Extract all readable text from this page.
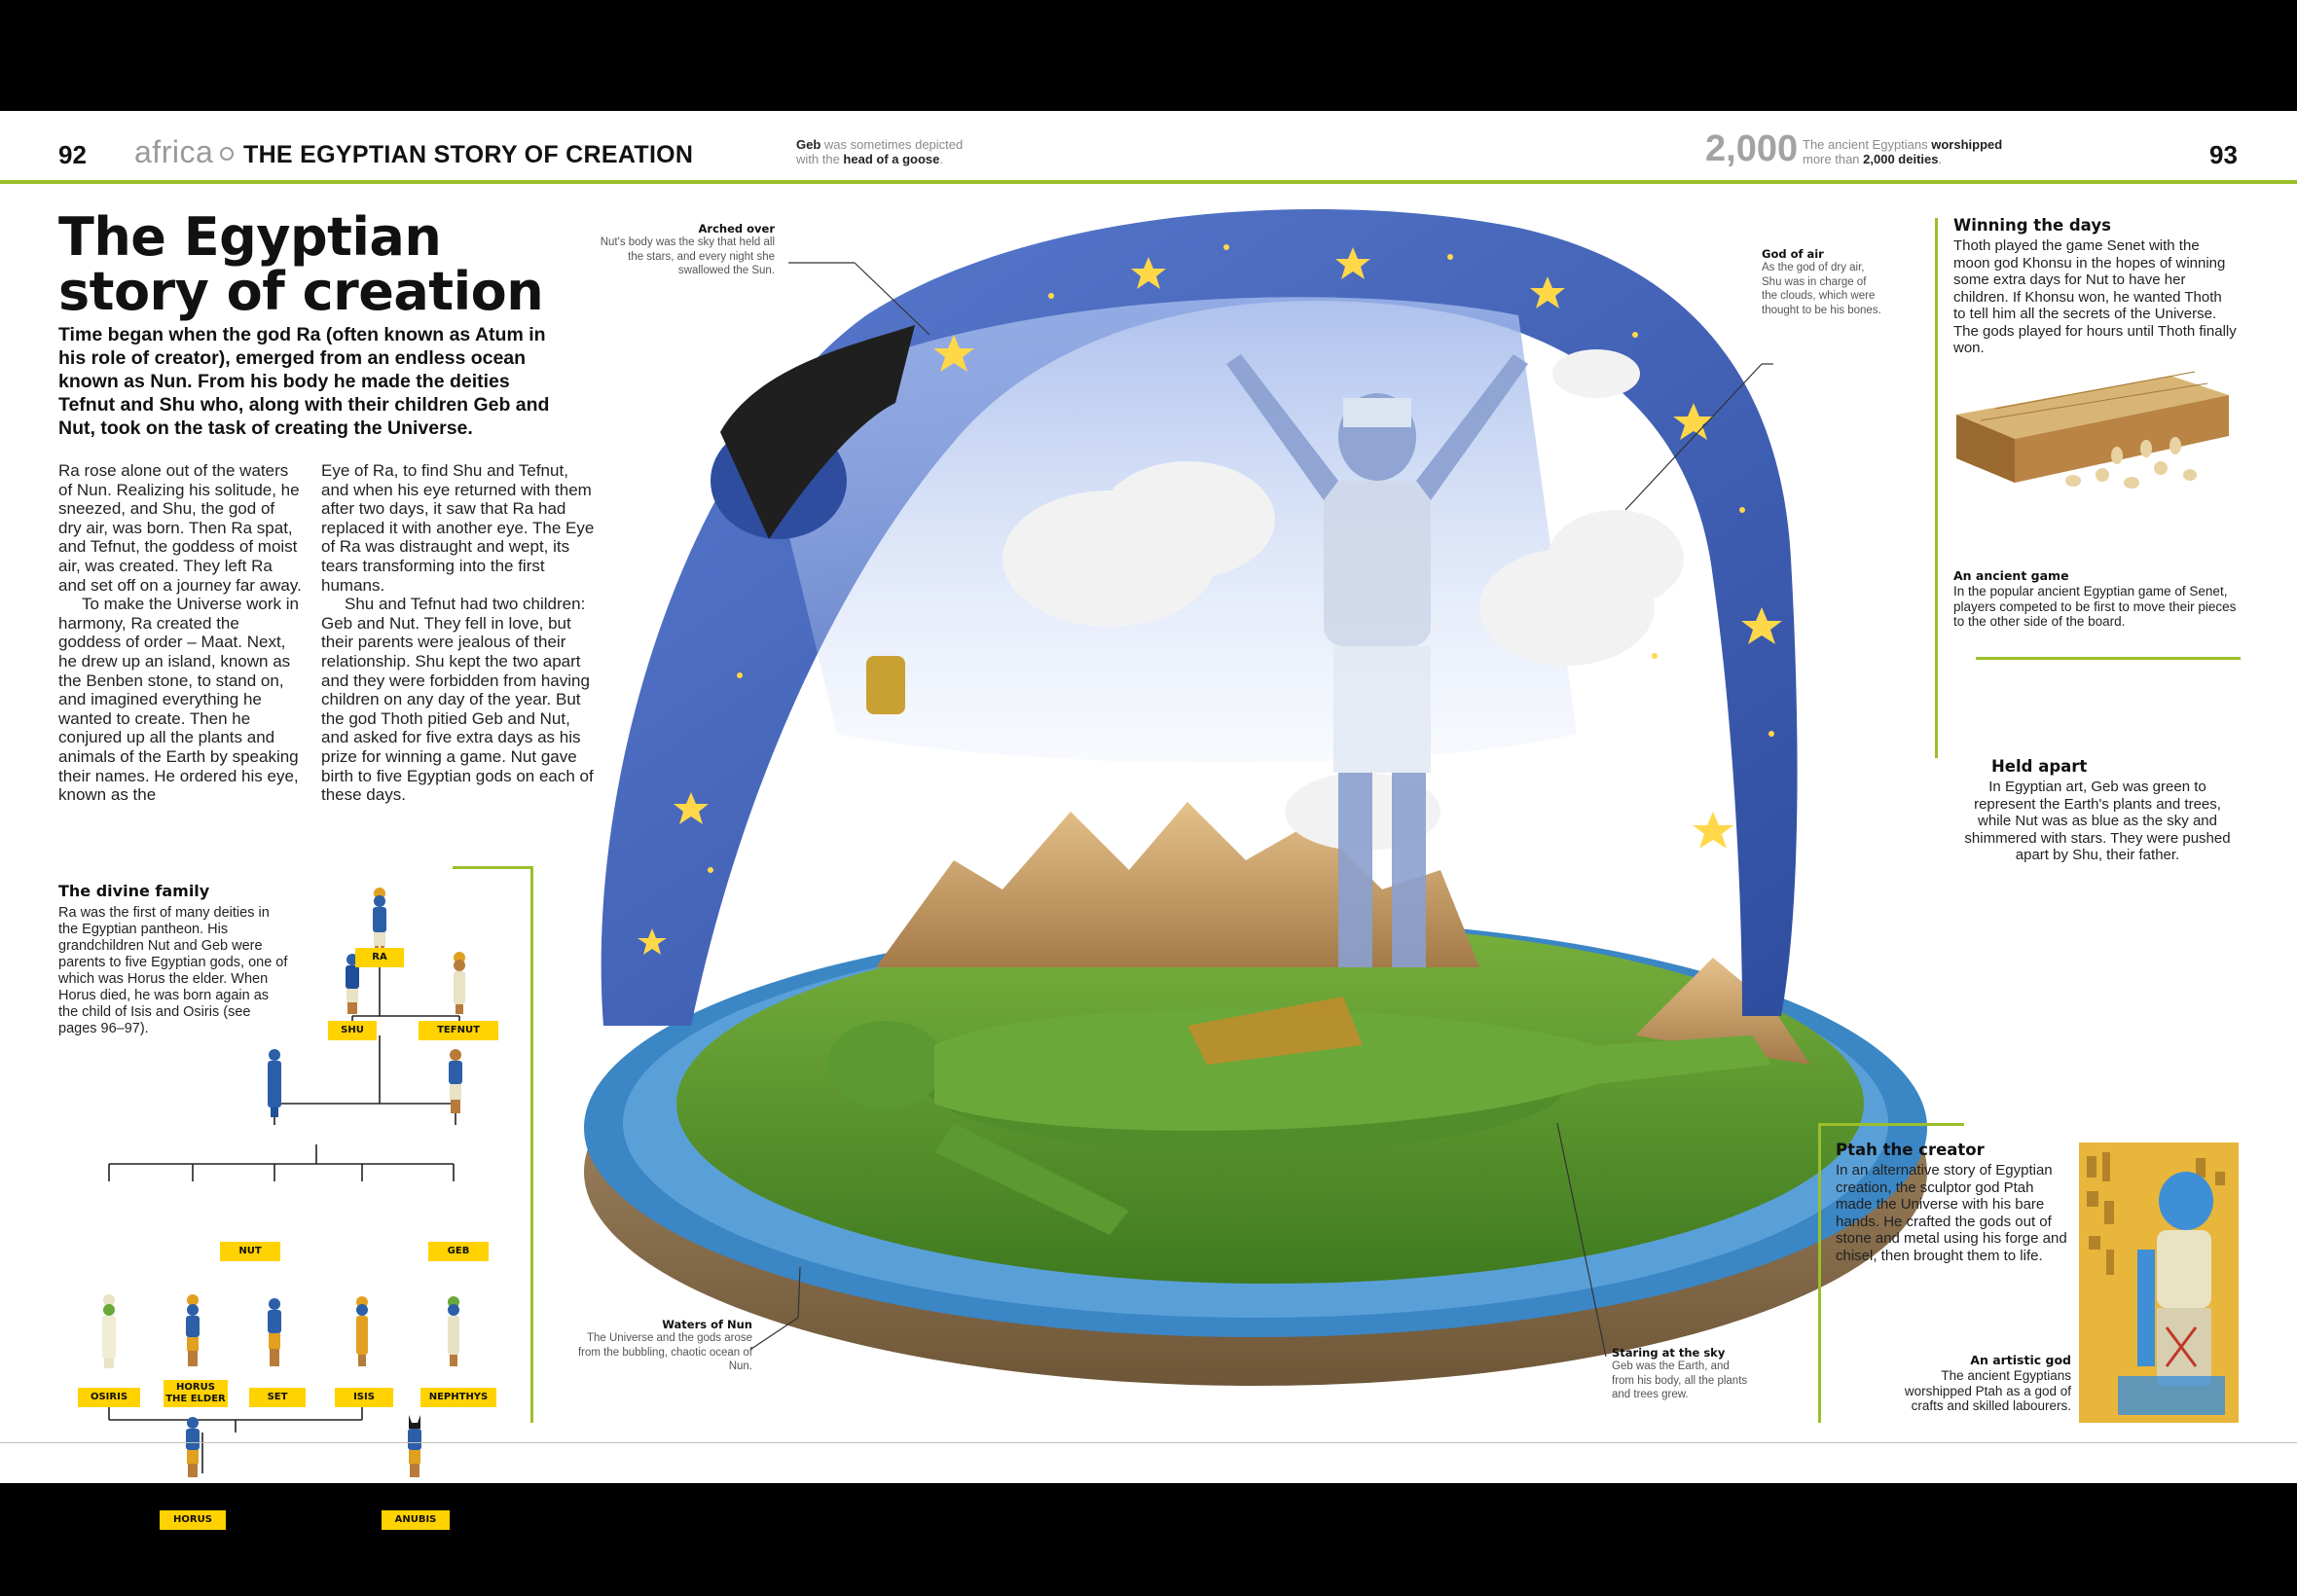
92 africa THE EGYPTIAN STORY OF CREATION	Geb was sometimes depicted
with the head of a goose.	2,000 The ancient Egyptians worshipped
more than 2,000 deities.	93
The Egyptian
story of creation
Time began when the god Ra (often known as Atum in his role of creator), emerged from an endless ocean known as Nun. From his body he made the deities Tefnut and Shu who, along with their children Geb and Nut, took on the task of creating the Universe.

Ra rose alone out of the waters of Nun. Realizing his solitude, he sneezed, and Shu, the god of dry air, was born. Then Ra spat, and Tefnut, the goddess of moist air, was created. They left Ra and set off on a journey far away.

To make the Universe work in harmony, Ra created the goddess of order – Maat. Next, he drew up an island, known as the Benben stone, to stand on, and imagined everything he wanted to create. Then he conjured up all the plants and animals of the Earth by speaking their names. He ordered his eye, known as the

Eye of Ra, to find Shu and Tefnut, and when his eye returned with them after two days, it saw that Ra had replaced it with another eye. The Eye of Ra was distraught and wept, its tears transforming into the first humans.

Shu and Tefnut had two children: Geb and Nut. They fell in love, but their parents were jealous of their relationship. Shu kept the two apart and they were forbidden from having children on any day of the year. But the god Thoth pitied Geb and Nut, and asked for five extra days as his prize for winning a game. Nut gave birth to five Egyptian gods on each of these days.

The divine family
Ra was the first of many deities in the Egyptian pantheon. His grandchildren Nut and Geb were parents to five Egyptian gods, one of which was Horus the elder. When Horus died, he was born again as the child of Isis and Osiris (see pages 96–97).
RA
SHU	TEFNUT
NUT	GEB
OSIRIS
HORUS
THE ELDER	SET	ISIS	NEPHTHYS
HORUS	ANUBIS
Arched over
Nut's body was the sky that held all the stars, and every night she swallowed the Sun.
God of air
As the god of dry air, Shu was in charge of the clouds, which were thought to be his bones.
Waters of Nun
The Universe and the gods arose from the bubbling, chaotic ocean of Nun.
Staring at the sky
Geb was the Earth, and from his body, all the plants and trees grew.
Winning the days
Thoth played the game Senet with the moon god Khonsu in the hopes of winning some extra days for Nut to have her children. If Khonsu won, he wanted Thoth to tell him all the secrets of the Universe. The gods played for hours until Thoth finally won.
An ancient game
In the popular ancient Egyptian game of Senet, players competed to be first to move their pieces to the other side of the board.
Held apart
In Egyptian art, Geb was green to represent the Earth's plants and trees, while Nut was as blue as the sky and shimmered with stars. They were pushed apart by Shu, their father.
Ptah the creator
In an alternative story of Egyptian creation, the sculptor god Ptah made the Universe with his bare hands. He crafted the gods out of stone and metal using his forge and chisel, then brought them to life.
An artistic god
The ancient Egyptians worshipped Ptah as a god of crafts and skilled labourers.
